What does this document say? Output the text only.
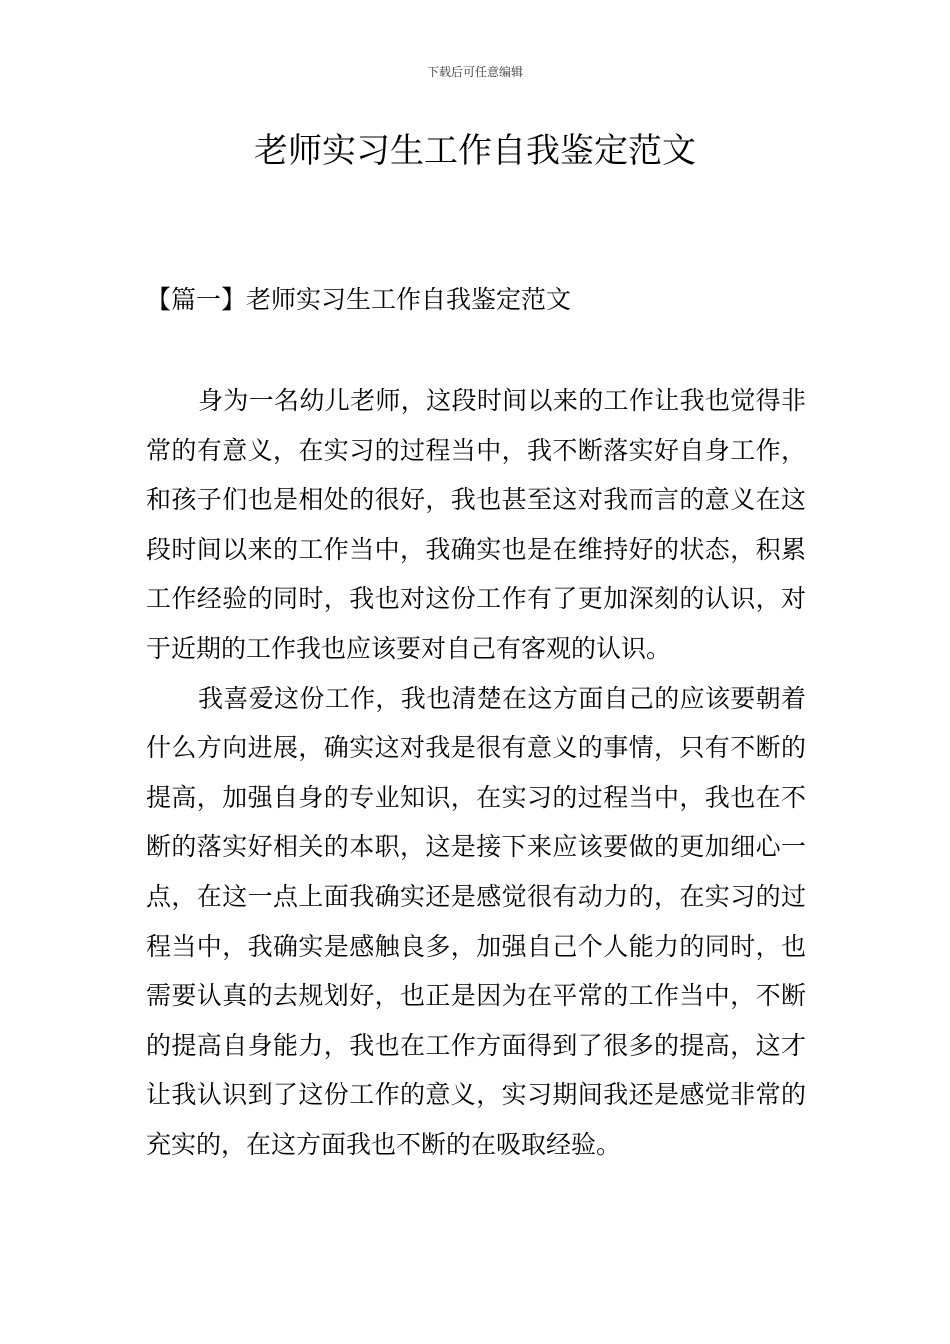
下载后可任意编辑
老师实习生工作自我鉴定范文
【篇一】老师实习生工作自我鉴定范文

身为一名幼儿老师，这段时间以来的工作让我也觉得非常的有意义，在实习的过程当中，我不断落实好自身工作，和孩子们也是相处的很好，我也甚至这对我而言的意义在这段时间以来的工作当中，我确实也是在维持好的状态，积累工作经验的同时，我也对这份工作有了更加深刻的认识，对于近期的工作我也应该要对自己有客观的认识。

我喜爱这份工作，我也清楚在这方面自己的应该要朝着什么方向进展，确实这对我是很有意义的事情，只有不断的提高，加强自身的专业知识，在实习的过程当中，我也在不断的落实好相关的本职，这是接下来应该要做的更加细心一点，在这一点上面我确实还是感觉很有动力的，在实习的过程当中，我确实是感触良多，加强自己个人能力的同时，也需要认真的去规划好，也正是因为在平常的工作当中，不断的提高自身能力，我也在工作方面得到了很多的提高，这才让我认识到了这份工作的意义，实习期间我还是感觉非常的充实的，在这方面我也不断的在吸取经验。
